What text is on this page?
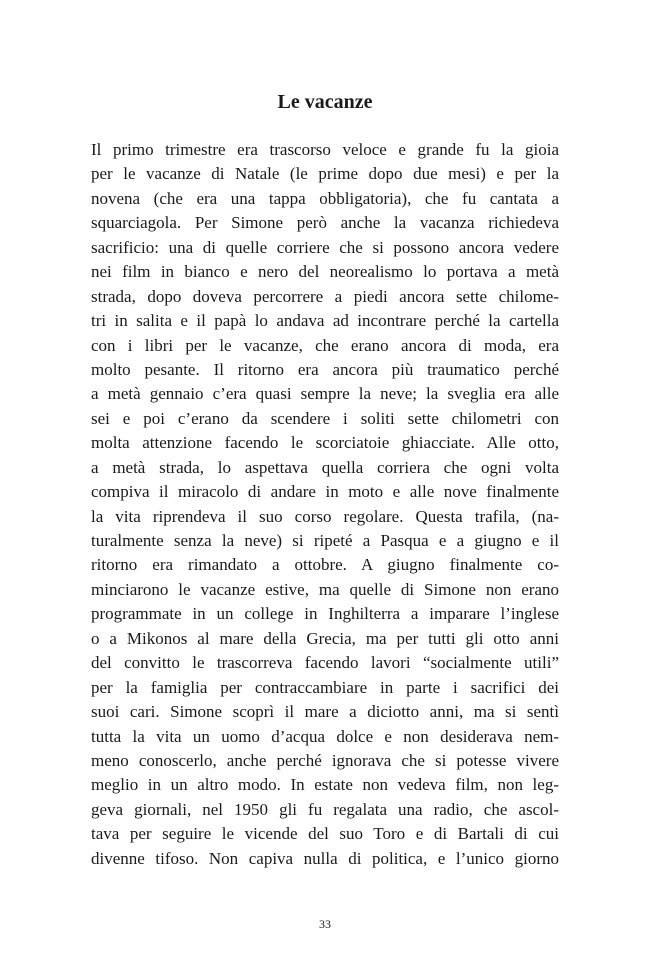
Le vacanze
Il primo trimestre era trascorso veloce e grande fu la gioia
per le vacanze di Natale (le prime dopo due mesi) e per la
novena (che era una tappa obbligatoria), che fu cantata a
squarciagola. Per Simone però anche la vacanza richiedeva
sacrificio: una di quelle corriere che si possono ancora vedere
nei film in bianco e nero del neorealismo lo portava a metà
strada, dopo doveva percorrere a piedi ancora sette chilome-
tri in salita e il papà lo andava ad incontrare perché la cartella
con i libri per le vacanze, che erano ancora di moda, era
molto pesante. Il ritorno era ancora più traumatico perché
a metà gennaio c’era quasi sempre la neve; la sveglia era alle
sei e poi c’erano da scendere i soliti sette chilometri con
molta attenzione facendo le scorciatoie ghiacciate. Alle otto,
a metà strada, lo aspettava quella corriera che ogni volta
compiva il miracolo di andare in moto e alle nove finalmente
la vita riprendeva il suo corso regolare. Questa trafila, (na-
turalmente senza la neve) si ripeté a Pasqua e a giugno e il
ritorno era rimandato a ottobre. A giugno finalmente co-
minciarono le vacanze estive, ma quelle di Simone non erano
programmate in un college in Inghilterra a imparare l’inglese
o a Mikonos al mare della Grecia, ma per tutti gli otto anni
del convitto le trascorreva facendo lavori “socialmente utili”
per la famiglia per contraccambiare in parte i sacrifici dei
suoi cari. Simone scoprì il mare a diciotto anni, ma si sentì
tutta la vita un uomo d’acqua dolce e non desiderava nem-
meno conoscerlo, anche perché ignorava che si potesse vivere
meglio in un altro modo. In estate non vedeva film, non leg-
geva giornali, nel 1950 gli fu regalata una radio, che ascol-
tava per seguire le vicende del suo Toro e di Bartali di cui
divenne tifoso. Non capiva nulla di politica, e l’unico giorno
33
